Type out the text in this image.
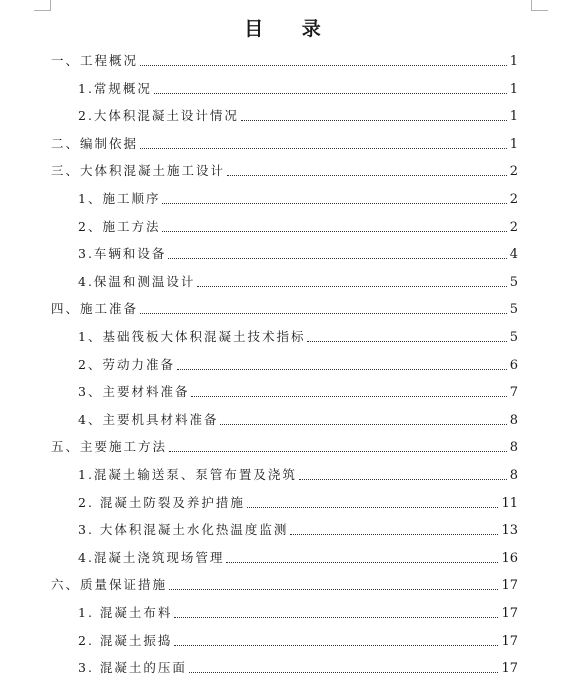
目 录
一、工程概况	1
1.常规概况	1
2.大体积混凝土设计情况	1
二、编制依据	1
三、大体积混凝土施工设计	2
1、施工顺序	2
2、施工方法	2
3.车辆和设备	4
4.保温和测温设计	5
四、施工准备	5
1、基础筏板大体积混凝土技术指标	5
2、劳动力准备	6
3、主要材料准备	7
4、主要机具材料准备	8
五、主要施工方法	8
1.混凝土输送泵、泵管布置及浇筑	8
2. 混凝土防裂及养护措施	11
3. 大体积混凝土水化热温度监测	13
4.混凝土浇筑现场管理	16
六、质量保证措施	17
1. 混凝土布料	17
2. 混凝土振捣	17
3. 混凝土的压面	17
